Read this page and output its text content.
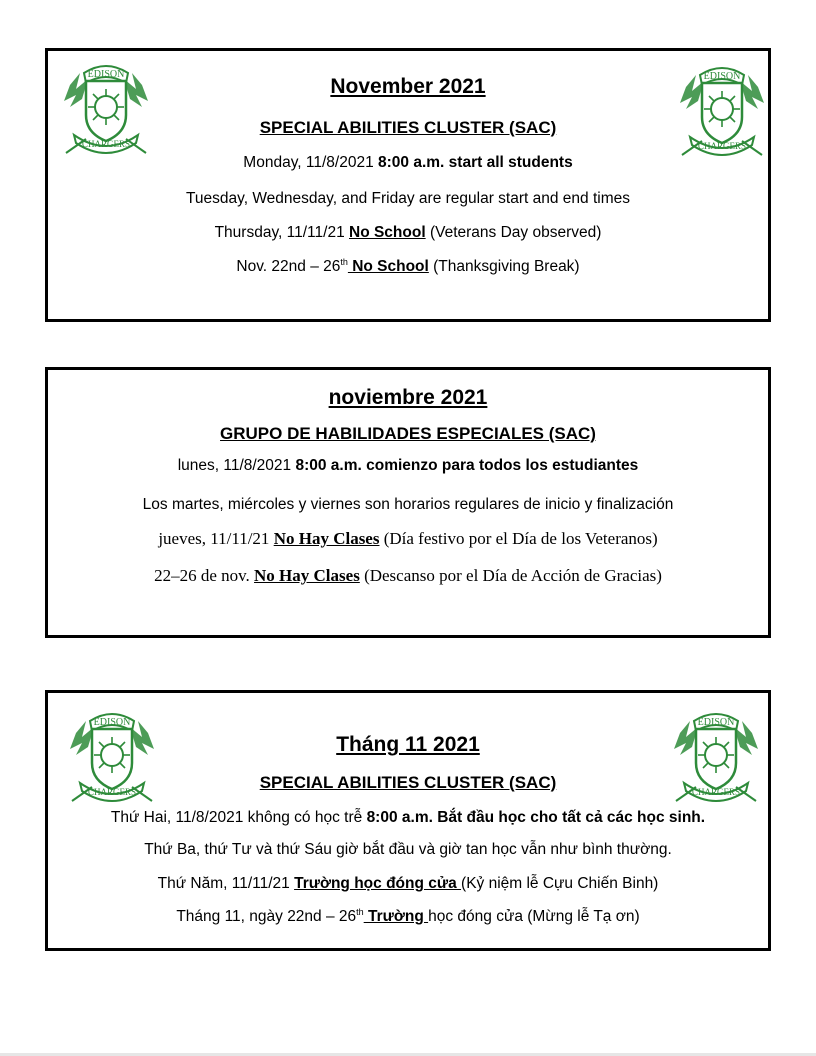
EDISON
CHARGERS
EDISON
CHARGERS
November 2021
SPECIAL ABILITIES CLUSTER (SAC)
Monday, 11/8/2021 8:00 a.m. start all students
Tuesday, Wednesday, and Friday are regular start and end times
Thursday, 11/11/21 No School (Veterans Day observed)
Nov. 22nd – 26th No School (Thanksgiving Break)
noviembre 2021
GRUPO DE HABILIDADES ESPECIALES (SAC)
lunes, 11/8/2021 8:00 a.m. comienzo para todos los estudiantes
Los martes, miércoles y viernes son horarios regulares de inicio y finalización
jueves, 11/11/21 No Hay Clases (Día festivo por el Día de los Veteranos)
22–26 de nov. No Hay Clases (Descanso por el Día de Acción de Gracias)
EDISON
CHARGERS
EDISON
CHARGERS
Tháng 11 2021
SPECIAL ABILITIES CLUSTER (SAC)
Thứ Hai, 11/8/2021 không có học trễ 8:00 a.m. Bắt đầu học cho tất cả các học sinh.
Thứ Ba, thứ Tư và thứ Sáu giờ bắt đầu và giờ tan học vẫn như bình thường.
Thứ Năm, 11/11/21 Trường học đóng cửa (Kỷ niệm lễ Cựu Chiến Binh)
Tháng 11, ngày 22nd – 26th Trường học đóng cửa (Mừng lễ Tạ ơn)
